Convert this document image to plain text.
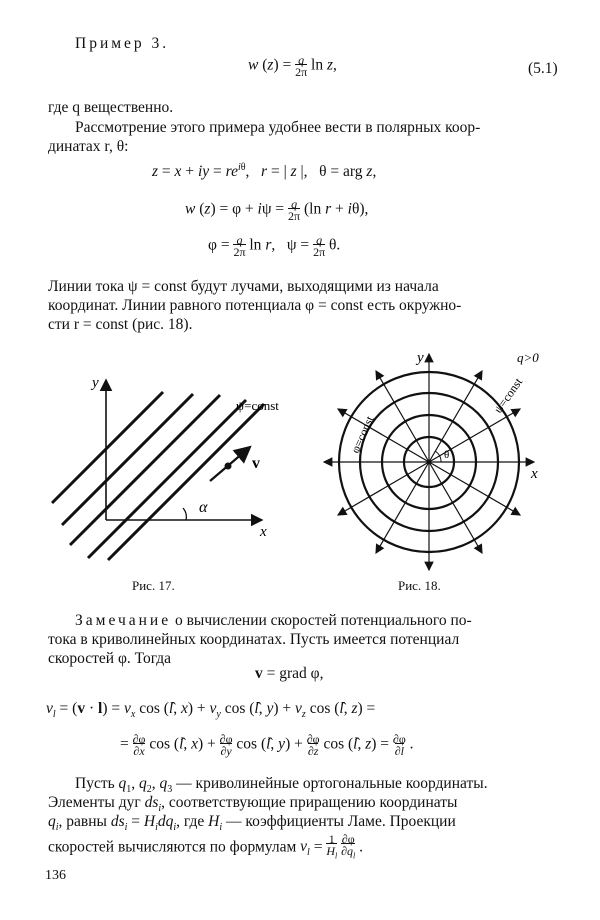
Пример 3.
w $(z) = \frac{q}{2\pi}$ ln z,	(5.1)
где q вещественно.
Рассмотрение этого примера удобнее вести в полярных коор-
динатах r, θ:
z = x + iy = $re^{i\theta}$,   r = | z |,   θ = arg z,
w $(z) = \varphi + i\psi = \frac{q}{2\pi} (\ln$ r + iθ),
$\varphi = \frac{q}{2\pi}$ ln r,   $\psi = \frac{q}{2\pi} \theta$.
Линии тока ψ = const будут лучами, выходящими из начала
координат. Линии равного потенциала φ = const есть окружно-
сти r = const (рис. 18).
y
x
ψ=const
v
α
Рис. 17.
y
x
q>0
ψ=const
φ=const	θ
Рис. 18.
Замечание о вычислении скоростей потенциального по-
тока в криволинейных координатах. Пусть имеется потенциал
скоростей φ. Тогда
v = grad φ,
$v_l = (v \cdot l) = v_x$ cos (l̂, $x) + v_y$ cos (l̂, $y) + v_z$ cos (l̂, z) =
= ∂φ
∂x cos (l̂, x) + ∂φ
∂y cos (l̂, y) + ∂φ
∂z cos (l̂, z) = ∂φ
∂l .
Пусть $q_1$, $q_2$, $q_3$ — криволинейные ортогональные координаты.
Элементы дуг $ds_i$, соответствующие приращению координаты
$q_i$, равны $ds_i = H_idq_i$, где $H_i$ — коэффициенты Ламе. Проекции
скоростей вычисляются по формулам $v_l = 1$
$H_l$ ∂φ
$\partial q_l$ .
136
